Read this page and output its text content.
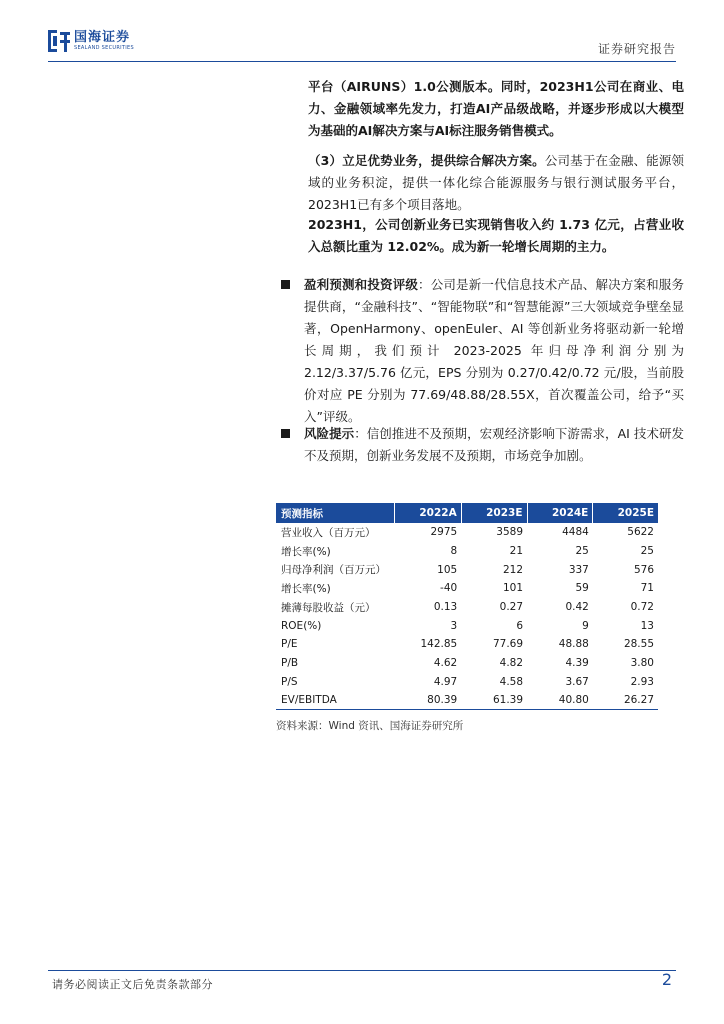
国海证券
SEALAND SECURITIES	证券研究报告
平台（AIRUNS）1.0公测版本。同时，2023H1公司在商业、电力、金融领域率先发力，打造AI产品级战略，并逐步形成以大模型为基础的AI解决方案与AI标注服务销售模式。
（3）立足优势业务，提供综合解决方案。公司基于在金融、能源领域的业务积淀，提供一体化综合能源服务与银行测试服务平台，2023H1已有多个项目落地。
2023H1，公司创新业务已实现销售收入约 1.73 亿元，占营业收入总额比重为 12.02%。成为新一轮增长周期的主力。
盈利预测和投资评级：公司是新一代信息技术产品、解决方案和服务提供商，“金融科技”、“智能物联”和“智慧能源”三大领域竞争壁垒显著，OpenHarmony、openEuler、AI 等创新业务将驱动新一轮增长周期，我们预计 2023-2025 年归母净利润分别为2.12/3.37/5.76 亿元，EPS 分别为 0.27/0.42/0.72 元/股，当前股价对应 PE 分别为 77.69/48.88/28.55X，首次覆盖公司，给予“买入”评级。
风险提示：信创推进不及预期，宏观经济影响下游需求，AI 技术研发不及预期，创新业务发展不及预期，市场竞争加剧。
预测指标	2022A	2023E	2024E	2025E
营业收入（百万元）	2975	3589	4484	5622
增长率(%)	8	21	25	25
归母净利润（百万元）	105	212	337	576
增长率(%)	-40	101	59	71
摊薄每股收益（元）	0.13	0.27	0.42	0.72
ROE(%)	3	6	9	13
P/E	142.85	77.69	48.88	28.55
P/B	4.62	4.82	4.39	3.80
P/S	4.97	4.58	3.67	2.93
EV/EBITDA	80.39	61.39	40.80	26.27
资料来源：Wind 资讯、国海证券研究所
请务必阅读正文后免责条款部分	2
